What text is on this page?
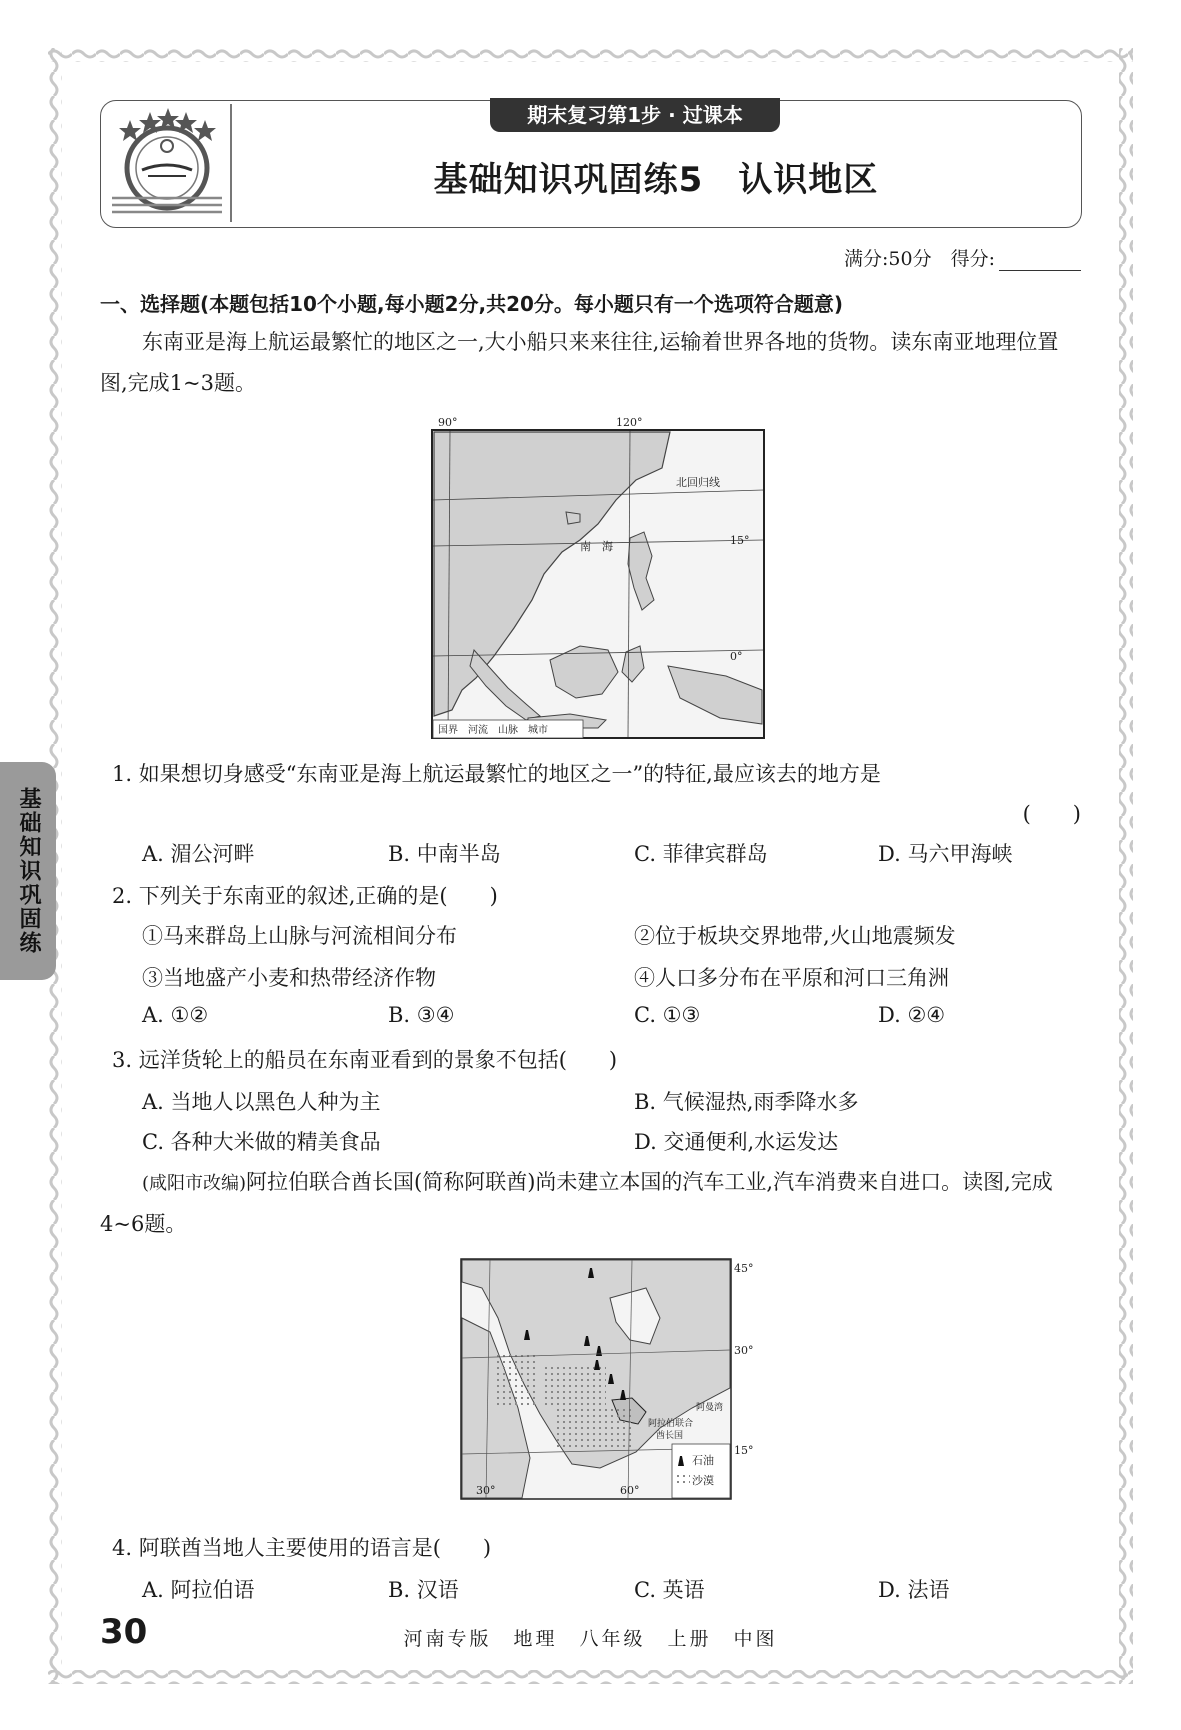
期末复习第1步 · 过课本
基础知识巩固练5　认识地区
满分:50分　得分:
一、选择题(本题包括10个小题,每小题2分,共20分。每小题只有一个选项符合题意)
东南亚是海上航运最繁忙的地区之一,大小船只来来往往,运输着世界各地的货物。读东南亚地理位置图,完成1~3题。
90°	120°
15°
0°
北回归线
南　海
国界　河流　山脉　城市
1. 如果想切身感受“东南亚是海上航运最繁忙的地区之一”的特征,最应该去的地方是
(　　)
A. 湄公河畔	B. 中南半岛	C. 菲律宾群岛	D. 马六甲海峡
2. 下列关于东南亚的叙述,正确的是(　　)
①马来群岛上山脉与河流相间分布	②位于板块交界地带,火山地震频发
③当地盛产小麦和热带经济作物	④人口多分布在平原和河口三角洲
A. ①②	B. ③④	C. ①③	D. ②④
3. 远洋货轮上的船员在东南亚看到的景象不包括(　　)
A. 当地人以黑色人种为主	B. 气候湿热,雨季降水多
C. 各种大米做的精美食品	D. 交通便利,水运发达
(咸阳市改编)阿拉伯联合酋长国(简称阿联酋)尚未建立本国的汽车工业,汽车消费来自进口。读图,完成4~6题。
45°
30°
15°
30°	60°
阿曼湾
阿拉伯联合
酋长国
石油
沙漠
4. 阿联酋当地人主要使用的语言是(　　)
A. 阿拉伯语	B. 汉语	C. 英语	D. 法语
基础知识巩固练
30	河南专版　地理　八年级　上册　中图
